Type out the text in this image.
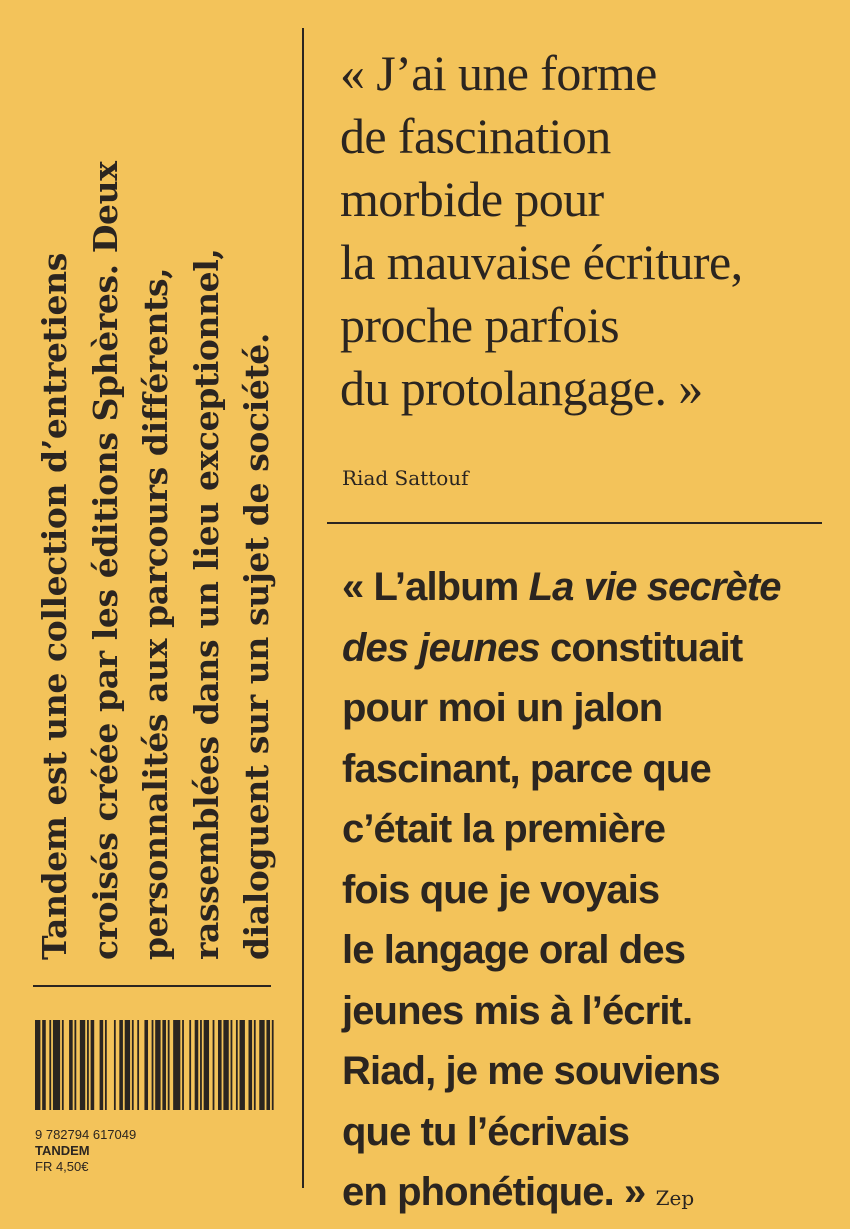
Tandem est une collection d’entretiens croisés créée par les éditions Sphères. Deux personnalités aux parcours différents, rassemblées dans un lieu exceptionnel, dialoguent sur un sujet de société.
9 782794 617049
TANDEM
FR 4,50€
« J’ai une forme
de fascination
morbide pour
la mauvaise écriture,
proche parfois
du protolangage. »
Riad Sattouf
« L’album La vie secrète
des jeunes constituait
pour moi un jalon
fascinant, parce que
c’était la première
fois que je voyais
le langage oral des
jeunes mis à l’écrit.
Riad, je me souviens
que tu l’écrivais
en phonétique. » Zep
